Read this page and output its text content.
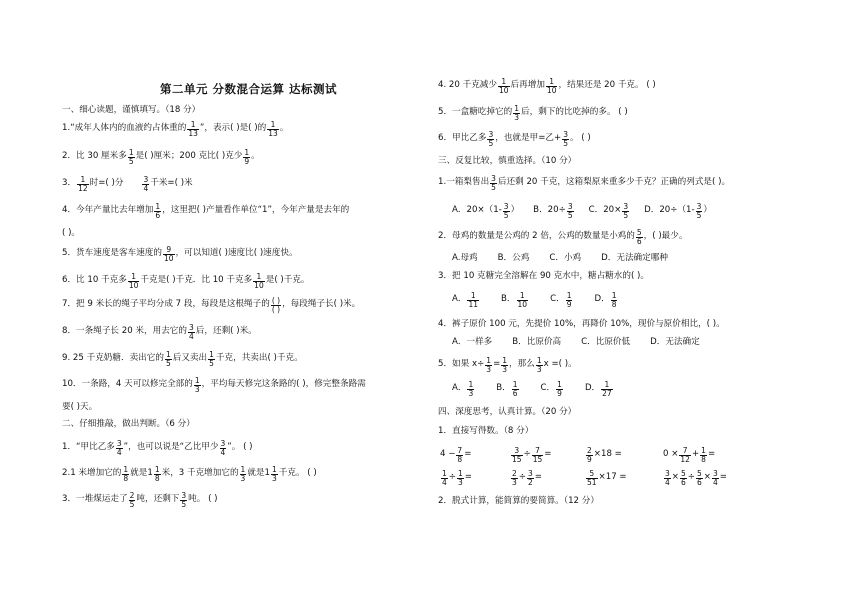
第二单元 分数混合运算 达标测试
一、细心读题，谨慎填写。（18 分）
1.“成年人体内的血液约占体重的 $\frac{1}{13}$ ”，表示( )是( )的 $\frac{1}{13}$ 。
2．比 30 厘米多 $\frac{1}{5}$ 是( )厘米；200 克比( )克少 $\frac{1}{9}$ 。
3． $\frac{1}{12}$ 时=( )分	$\frac{3}{4}$ 千米=( )米
4．今年产量比去年增加 $\frac{1}{6}$ ，这里把( )产量看作单位“1”，今年产量是去年的
( )。
5．货车速度是客车速度的 $\frac{9}{10}$ ，可以知道( )速度比( )速度快。
6．比 10 千克多 $\frac{1}{10}$ 千克是( )千克．比 10 千克多 $\frac{1}{10}$ 是( )千克。
7．把 9 米长的绳子平均分成 7 段，每段是这根绳子的 $\frac{( )}{( )}$ ，每段绳子长( )米。
8．一条绳子长 20 米，用去它的 $\frac{3}{4}$ 后，还剩( )米。
9. 25 千克奶糖．卖出它的 $\frac{1}{5}$ 后又卖出 $\frac{1}{5}$ 千克，共卖出( )千克。
10．一条路，4 天可以修完全部的 $\frac{1}{3}$ ，平均每天修完这条路的( )，修完整条路需
要( )天。
二、仔细推敲，做出判断。（6 分）
1．“甲比乙多 $\frac{3}{4}$ ”，也可以说是“乙比甲少 $\frac{3}{4}$ ”。 ( )
2.1 米增加它的 $\frac{1}{8}$ 就是$1 \frac{1}{8}$ 米，3 千克增加它的 $\frac{1}{3}$ 就是$1 \frac{1}{3}$ 千克。 ( )
3．一堆煤运走了 $\frac{2}{5}$ 吨，还剩下 $\frac{3}{5}$ 吨。 ( )
4. 20 千克减少 $\frac{1}{10}$ 后再增加 $\frac{1}{10}$ ，结果还是 20 千克。 ( )
5．一盒糖吃掉它的 $\frac{1}{3}$ 后，剩下的比吃掉的多。 ( )
6．甲比乙多 $\frac{3}{5}$ ，也就是甲=乙+ $\frac{3}{5}$ 。 ( )
三、反复比较，慎重选择。（10 分）
1.一箱梨售出 $\frac{3}{5}$ 后还剩 20 千克，这箱梨原来重多少千克？正确的列式是( )。
A．$20\times(1- \frac{3}{5}$ ） B．$20\div \frac{3}{5}$ C．$20\times \frac{3}{5}$ D．$20\div(1- \frac{3}{5}$ ）
2．母鸡的数量是公鸡的 2 倍，公鸡的数量是小鸡的 $\frac{5}{6}$ ，( )最少。
A.母鸡 B．公鸡 C．小鸡 D．无法确定哪种
3．把 10 克糖完全溶解在 90 克水中，糖占糖水的( )。
A． $\frac{1}{11}$	B． $\frac{1}{10}$	C． $\frac{1}{9}$	D． $\frac{1}{8}$
4．裤子原价 100 元，先提价 10%，再降价 10%，现价与原价相比，( )。
A．一样多 B．比原价高 C．比原价低 D．无法确定
5．如果 $x\div \frac{1}{3} = \frac{1}{3}$ ，那么 $\frac{1}{3}$ x =( )。
A． $\frac{1}{3}$	B． $\frac{1}{6}$	C． $\frac{1}{9}$	D． $\frac{1}{27}$
四、深度思考，认真计算。（20 分）
1．直接写得数。（8 分）
$4 - \frac{7}{8}$ =	$\frac{3}{15} \div \frac{7}{15}$ =	$\frac{2}{9} \times 18$ =	$0 \times \frac{7}{12} + \frac{1}{8}$ =
$\frac{1}{4} \div \frac{1}{3}$ =	$\frac{2}{3} \div \frac{3}{2}$ =	$\frac{5}{51} \times 17$ =	$\frac{3}{4} \times \frac{5}{6} \div \frac{5}{6} \times \frac{3}{4}$ =
2．脱式计算，能简算的要简算。（12 分）
